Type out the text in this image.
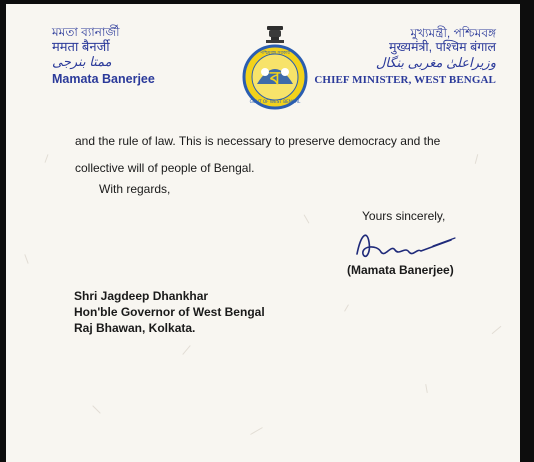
মমতা ব্যানার্জী
ममता बैनर्जी
ممتا بنرجی
Mamata Banerjee	ব
পশ্চিমবঙ্গ সরকার
GOVT OF WEST BENGAL
মুখ্যমন্ত্রী, পশ্চিমবঙ্গ
मुख्यमंत्री, पश्चिम बंगाल
وزیراعلیٰ مغربی بنگال
CHIEF MINISTER, WEST BENGAL

and the rule of law. This is necessary to preserve democracy and the

collective will of people of Bengal.

With regards,
Yours sincerely,
(Mamata Banerjee)
Shri Jagdeep Dhankhar
Hon'ble Governor of West Bengal
Raj Bhawan, Kolkata.
